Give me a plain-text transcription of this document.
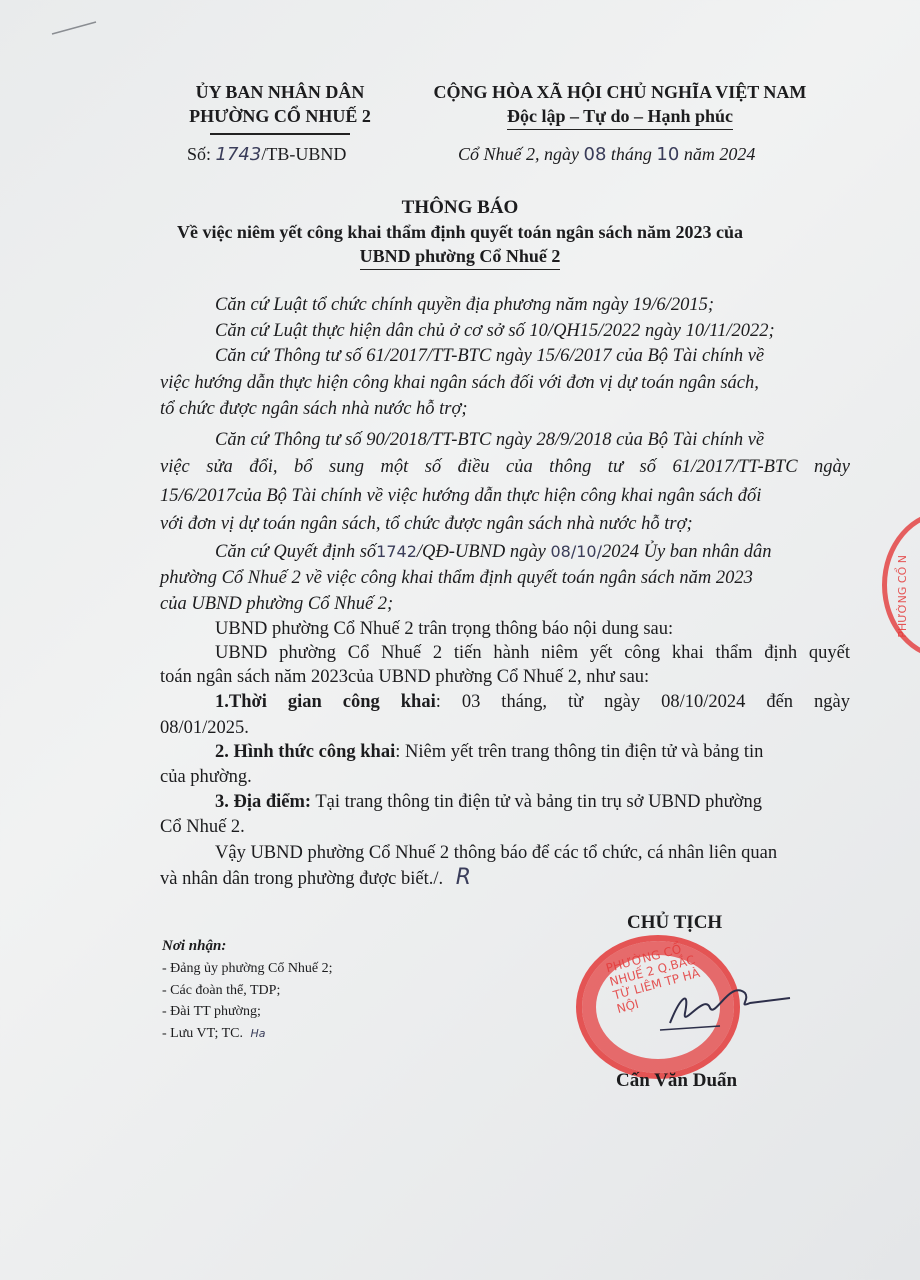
ỦY BAN NHÂN DÂN
PHƯỜNG CỔ NHUẾ 2
Số: 1743/TB-UBND
CỘNG HÒA XÃ HỘI CHỦ NGHĨA VIỆT NAM
Độc lập – Tự do – Hạnh phúc
Cổ Nhuế 2, ngày 08 tháng 10 năm 2024
THÔNG BÁO
Về việc niêm yết công khai thẩm định quyết toán ngân sách năm 2023 của
UBND phường Cổ Nhuế 2
Căn cứ Luật tổ chức chính quyền địa phương năm ngày 19/6/2015;
Căn cứ Luật thực hiện dân chủ ở cơ sở số 10/QH15/2022 ngày 10/11/2022;
Căn cứ Thông tư số 61/2017/TT-BTC ngày 15/6/2017 của Bộ Tài chính về
việc hướng dẫn thực hiện công khai ngân sách đối với đơn vị dự toán ngân sách,
tổ chức được ngân sách nhà nước hỗ trợ;
Căn cứ Thông tư số 90/2018/TT-BTC ngày 28/9/2018 của Bộ Tài chính về
việc sửa đổi, bổ sung một số điều của thông tư số 61/2017/TT-BTC ngày
15/6/2017của Bộ Tài chính về việc hướng dẫn thực hiện công khai ngân sách đối
với đơn vị dự toán ngân sách, tổ chức được ngân sách nhà nước hỗ trợ;
Căn cứ Quyết định số1742/QĐ-UBND ngày 08/10/2024 Ủy ban nhân dân
phường Cổ Nhuế 2 về việc công khai thẩm định quyết toán ngân sách năm 2023
của UBND phường Cổ Nhuế 2;
UBND phường Cổ Nhuế 2 trân trọng thông báo nội dung sau:
UBND phường Cổ Nhuế 2 tiến hành niêm yết công khai thẩm định quyết
toán ngân sách năm 2023của UBND phường Cổ Nhuế 2, như sau:
1.Thời gian công khai: 03 tháng, từ ngày 08/10/2024 đến ngày
08/01/2025.
2. Hình thức công khai: Niêm yết trên trang thông tin điện tử và bảng tin
của phường.
3. Địa điểm: Tại trang thông tin điện tử và bảng tin trụ sở UBND phường
Cổ Nhuế 2.
Vậy UBND phường Cổ Nhuế 2 thông báo để các tổ chức, cá nhân liên quan
và nhân dân trong phường được biết./. R
Nơi nhận:
- Đảng ủy phường Cổ Nhuế 2;
- Các đoàn thể, TDP;
- Đài TT phường;
- Lưu VT; TC. Ha
CHỦ TỊCH
PHƯỜNG CỔ NHUẾ 2 Q.BẮC TỪ LIÊM TP HÀ NỘI
Cấn Văn Duẩn
PHƯỜNG CỔ N
